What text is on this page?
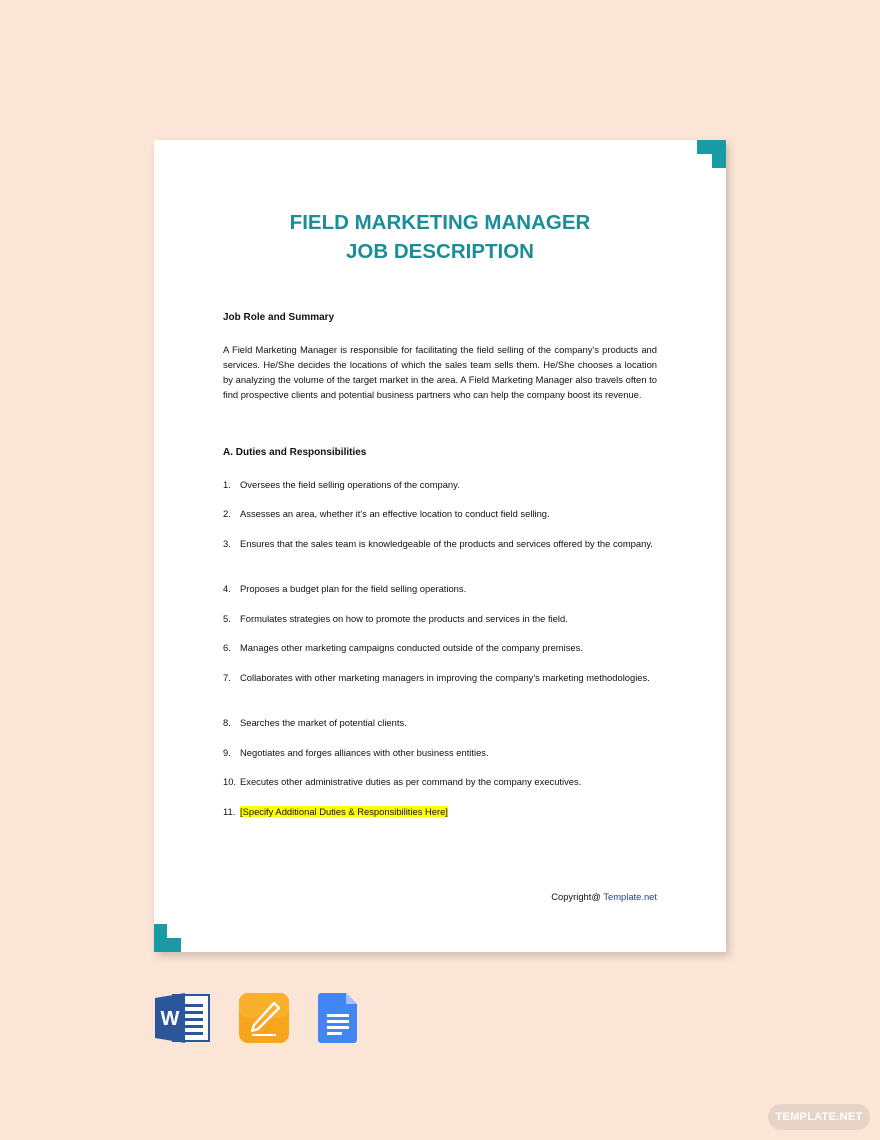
FIELD MARKETING MANAGER
JOB DESCRIPTION
Job Role and Summary
A Field Marketing Manager is responsible for facilitating the field selling of the company's products and services. He/She decides the locations of which the sales team sells them. He/She chooses a location by analyzing the volume of the target market in the area. A Field Marketing Manager also travels often to find prospective clients and potential business partners who can help the company boost its revenue.
A. Duties and Responsibilities
1. Oversees the field selling operations of the company.
2. Assesses an area, whether it's an effective location to conduct field selling.
3. Ensures that the sales team is knowledgeable of the products and services offered by the company.
4. Proposes a budget plan for the field selling operations.
5. Formulates strategies on how to promote the products and services in the field.
6. Manages other marketing campaigns conducted outside of the company premises.
7. Collaborates with other marketing managers in improving the company's marketing methodologies.
8. Searches the market of potential clients.
9. Negotiates and forges alliances with other business entities.
10. Executes other administrative duties as per command by the company executives.
11. [Specify Additional Duties & Responsibilities Here]
Copyright@ Template.net
W
TEMPLATE.NET
